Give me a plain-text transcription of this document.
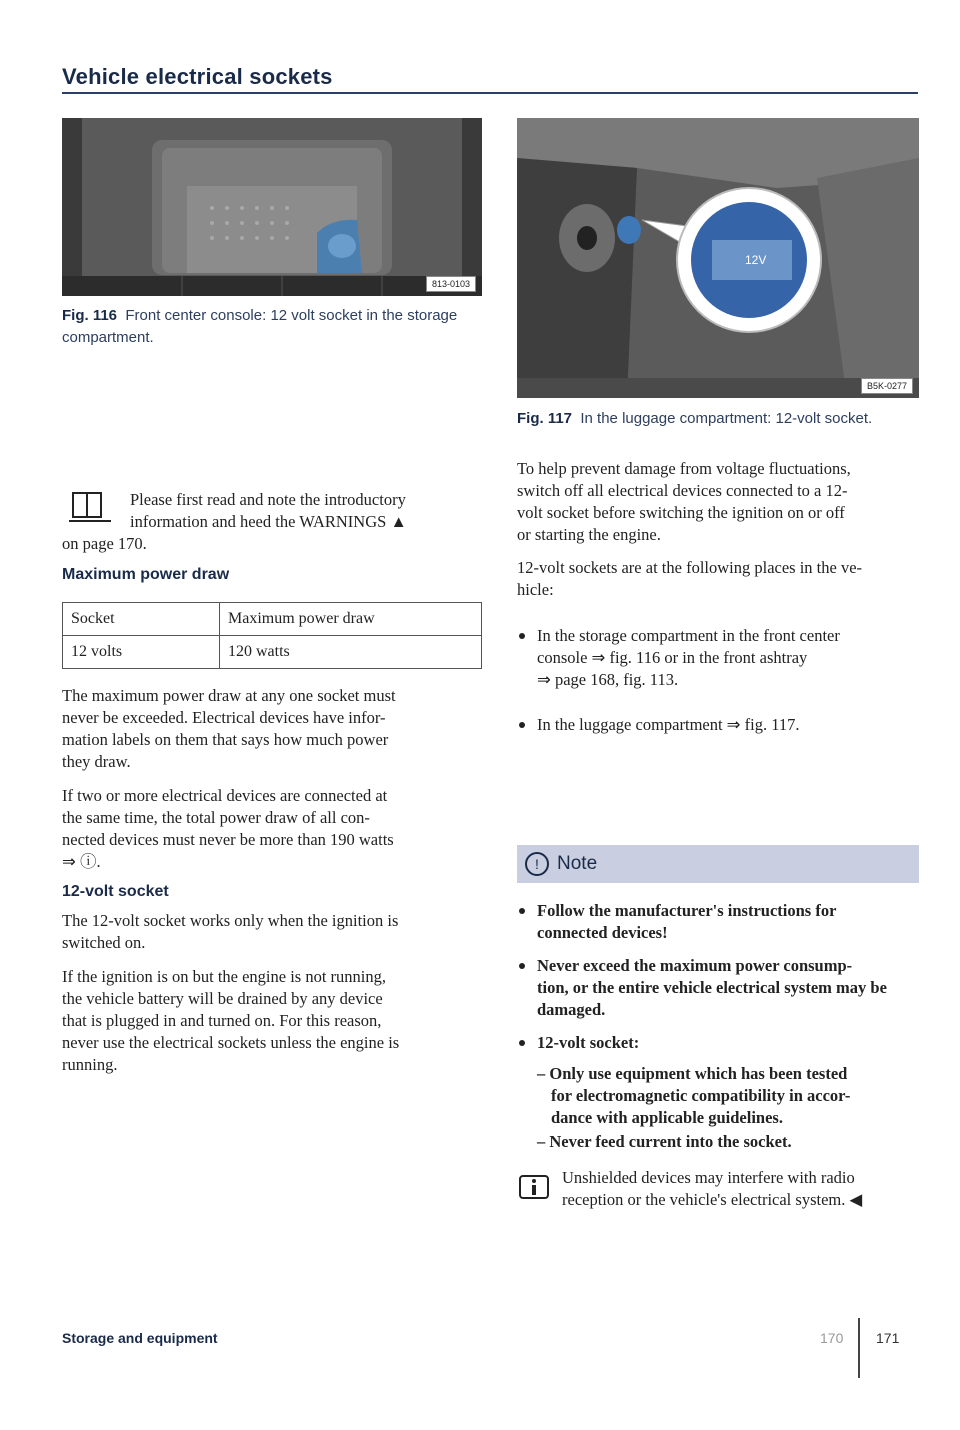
Vehicle electrical sockets
813-0103
Fig. 116 Front center console: 12 volt socket in the storage compartment.
Please first read and note the introductory
information and heed the WARNINGS ▲
on page 170.
Maximum power draw
Socket	Maximum power draw
12 volts	120 watts
The maximum power draw at any one socket must
never be exceeded. Electrical devices have infor-
mation labels on them that says how much power
they draw.
If two or more electrical devices are connected at
the same time, the total power draw of all con-
nected devices must never be more than 190 watts
⇒ ⓘ.
12-volt socket
The 12-volt socket works only when the ignition is
switched on.
If the ignition is on but the engine is not running,
the vehicle battery will be drained by any device
that is plugged in and turned on. For this reason,
never use the electrical sockets unless the engine is
running.
12V
B5K-0277
Fig. 117 In the luggage compartment: 12-volt socket.
To help prevent damage from voltage fluctuations,
switch off all electrical devices connected to a 12-
volt socket before switching the ignition on or off
or starting the engine.
12-volt sockets are at the following places in the ve-
hicle:
In the storage compartment in the front center
console ⇒ fig. 116 or in the front ashtray
⇒ page 168, fig. 113.
In the luggage compartment ⇒ fig. 117.
! Note
Follow the manufacturer's instructions for
connected devices!
Never exceed the maximum power consump-
tion, or the entire vehicle electrical system may be
damaged.
12-volt socket:
– Only use equipment which has been tested
for electromagnetic compatibility in accor-
dance with applicable guidelines.
– Never feed current into the socket.
Unshielded devices may interfere with radio
reception or the vehicle's electrical system. ◀
Storage and equipment	170 171
